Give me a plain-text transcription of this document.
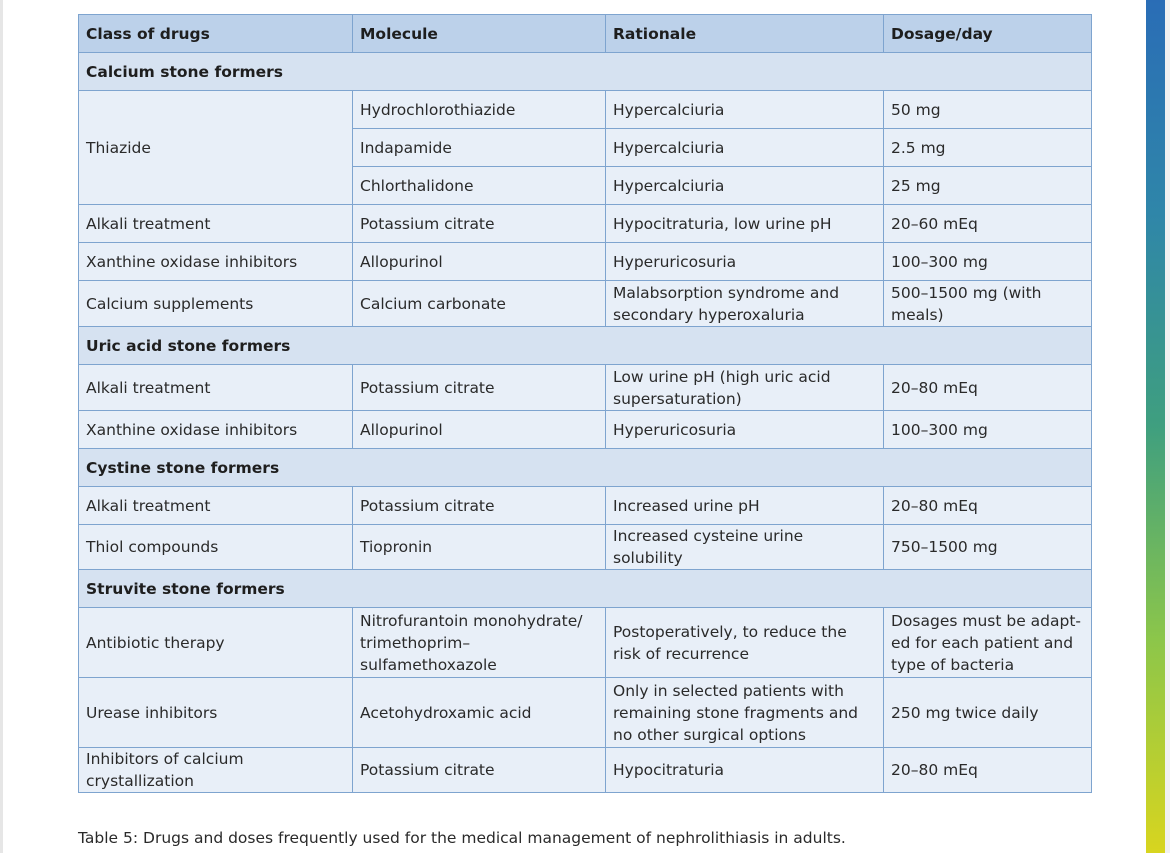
Class of drugs	Molecule	Rationale	Dosage/day
Calcium stone formers			
Thiazide	Hydrochlorothiazide	Hypercalciuria	50 mg
	Indapamide	Hypercalciuria	2.5 mg
	Chlorthalidone	Hypercalciuria	25 mg
Alkali treatment	Potassium citrate	Hypocitraturia, low urine pH	20–60 mEq
Xanthine oxidase inhibitors	Allopurinol	Hyperuricosuria	100–300 mg
Calcium supplements	Calcium carbonate	Malabsorption syndrome and secondary hyperoxaluria	500–1500 mg (with meals)
Uric acid stone formers			
Alkali treatment	Potassium citrate	Low urine pH (high uric acid supersaturation)	20–80 mEq
Xanthine oxidase inhibitors	Allopurinol	Hyperuricosuria	100–300 mg
Cystine stone formers			
Alkali treatment	Potassium citrate	Increased urine pH	20–80 mEq
Thiol compounds	Tiopronin	Increased cysteine urine solubility	750–1500 mg
Struvite stone formers			
Antibiotic therapy	Nitrofurantoin monohydrate/ trimethoprim–sulfamethoxazole	Postoperatively, to reduce the risk of recurrence	Dosages must be adapt-ed for each patient and type of bacteria
Urease inhibitors	Acetohydroxamic acid	Only in selected patients with remaining stone fragments and no other surgical options	250 mg twice daily
Inhibitors of calcium crystallization	Potassium citrate	Hypocitraturia	20–80 mEq
Table 5: Drugs and doses frequently used for the medical management of nephrolithiasis in adults.
